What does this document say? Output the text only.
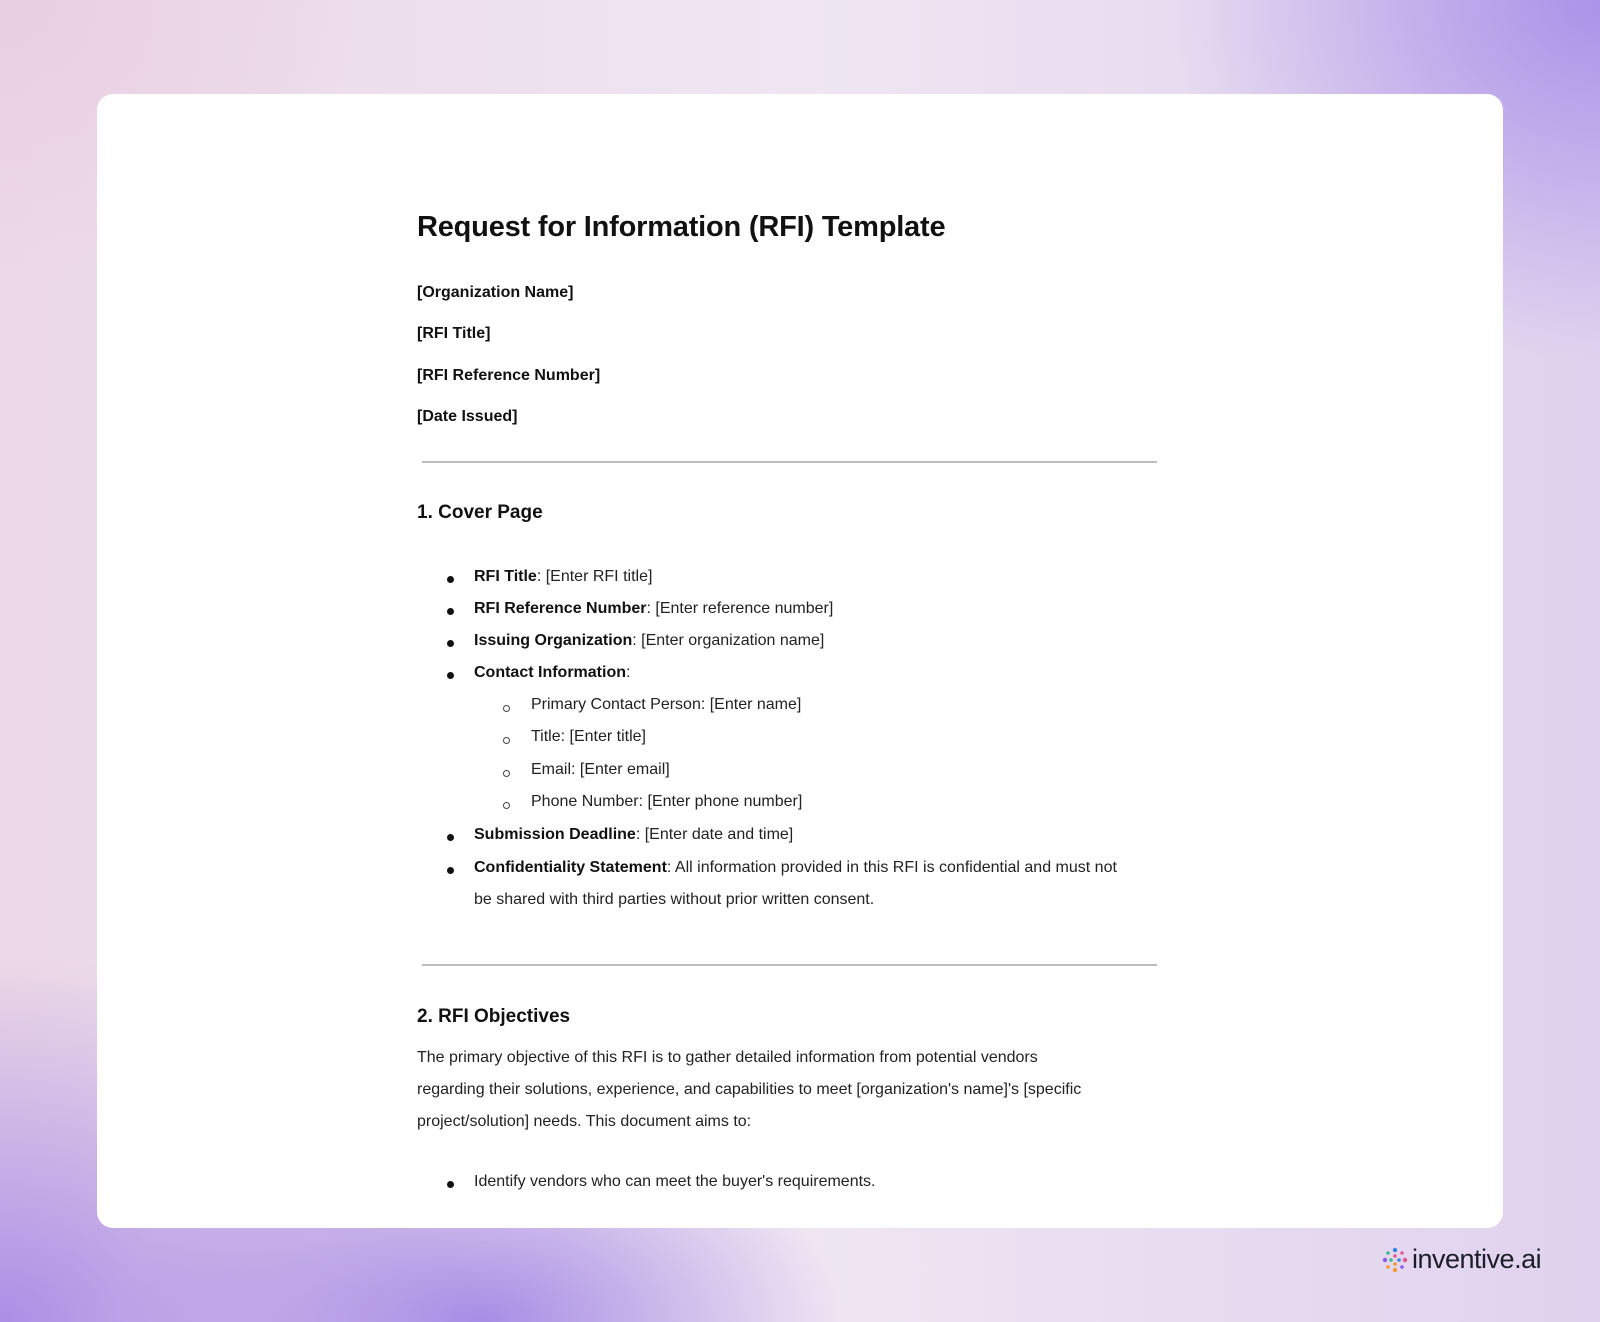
Request for Information (RFI) Template
[Organization Name]
[RFI Title]
[RFI Reference Number]
[Date Issued]
1. Cover Page
RFI Title: [Enter RFI title]
RFI Reference Number: [Enter reference number]
Issuing Organization: [Enter organization name]
Contact Information:
Primary Contact Person: [Enter name]
Title: [Enter title]
Email: [Enter email]
Phone Number: [Enter phone number]
Submission Deadline: [Enter date and time]
Confidentiality Statement: All information provided in this RFI is confidential and must not
be shared with third parties without prior written consent.
2. RFI Objectives
The primary objective of this RFI is to gather detailed information from potential vendors
regarding their solutions, experience, and capabilities to meet [organization's name]'s [specific
project/solution] needs. This document aims to:
Identify vendors who can meet the buyer's requirements.
inventive.ai
